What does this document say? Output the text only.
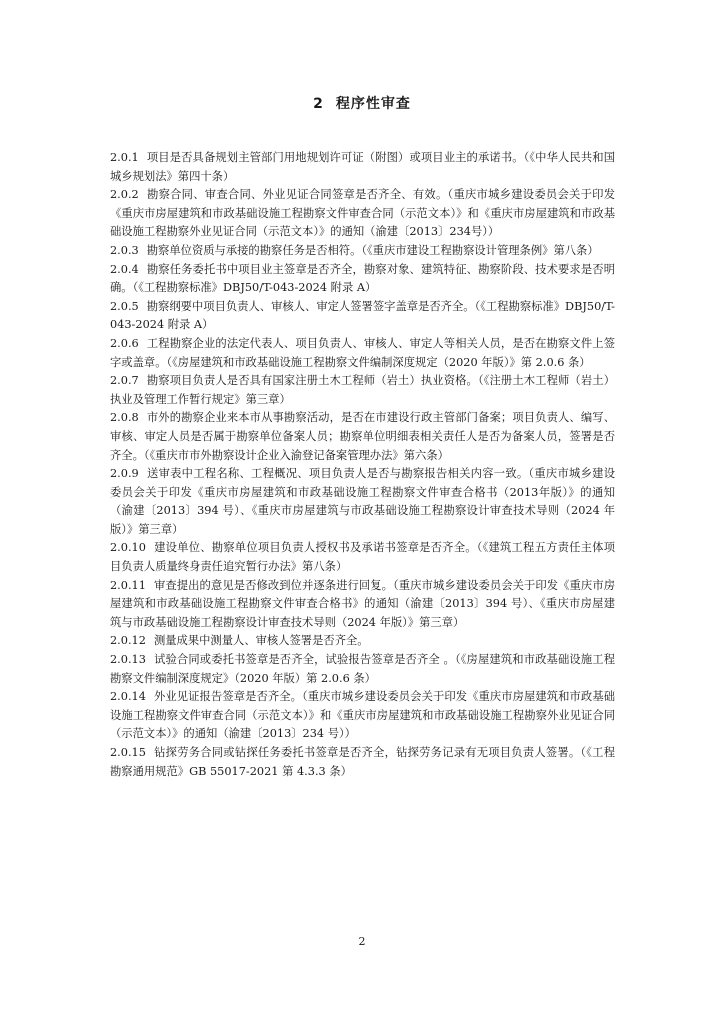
2 程序性审查

2.0.1 项目是否具备规划主管部门用地规划许可证（附图）或项目业主的承诺书。（《中华人民共和国城乡规划法》第四十条）

2.0.2 勘察合同、审查合同、外业见证合同签章是否齐全、有效。（重庆市城乡建设委员会关于印发《重庆市房屋建筑和市政基础设施工程勘察文件审查合同（示范文本）》和《重庆市房屋建筑和市政基础设施工程勘察外业见证合同（示范文本）》的通知（渝建〔2013〕234号））

2.0.3 勘察单位资质与承接的勘察任务是否相符。（《重庆市建设工程勘察设计管理条例》第八条）

2.0.4 勘察任务委托书中项目业主签章是否齐全，勘察对象、建筑特征、勘察阶段、技术要求是否明确。（《工程勘察标准》DBJ50/T-043-2024 附录 A）

2.0.5 勘察纲要中项目负责人、审核人、审定人签署签字盖章是否齐全。（《工程勘察标准》DBJ50/T-043-2024 附录 A）

2.0.6 工程勘察企业的法定代表人、项目负责人、审核人、审定人等相关人员，是否在勘察文件上签字或盖章。（《房屋建筑和市政基础设施工程勘察文件编制深度规定（2020 年版）》第 2.0.6 条）

2.0.7 勘察项目负责人是否具有国家注册土木工程师（岩土）执业资格。（《注册土木工程师（岩土）执业及管理工作暂行规定》第三章）

2.0.8 市外的勘察企业来本市从事勘察活动，是否在市建设行政主管部门备案；项目负责人、编写、审核、审定人员是否属于勘察单位备案人员；勘察单位明细表相关责任人是否为备案人员，签署是否齐全。（《重庆市市外勘察设计企业入渝登记备案管理办法》第六条）

2.0.9 送审表中工程名称、工程概况、项目负责人是否与勘察报告相关内容一致。（重庆市城乡建设委员会关于印发《重庆市房屋建筑和市政基础设施工程勘察文件审查合格书（2013年版）》的通知（渝建〔2013〕394 号）、《重庆市房屋建筑与市政基础设施工程勘察设计审查技术导则（2024 年版）》第三章）

2.0.10 建设单位、勘察单位项目负责人授权书及承诺书签章是否齐全。（《建筑工程五方责任主体项目负责人质量终身责任追究暂行办法》第八条）

2.0.11 审查提出的意见是否修改到位并逐条进行回复。（重庆市城乡建设委员会关于印发《重庆市房屋建筑和市政基础设施工程勘察文件审查合格书》的通知（渝建〔2013〕394 号）、《重庆市房屋建筑与市政基础设施工程勘察设计审查技术导则（2024 年版）》第三章）

2.0.12 测量成果中测量人、审核人签署是否齐全。

2.0.13 试验合同或委托书签章是否齐全，试验报告签章是否齐全 。（《房屋建筑和市政基础设施工程勘察文件编制深度规定》（2020 年版）第 2.0.6 条）

2.0.14 外业见证报告签章是否齐全。（重庆市城乡建设委员会关于印发《重庆市房屋建筑和市政基础设施工程勘察文件审查合同（示范文本）》和《重庆市房屋建筑和市政基础设施工程勘察外业见证合同（示范文本）》的通知（渝建〔2013〕234 号））

2.0.15 钻探劳务合同或钻探任务委托书签章是否齐全，钻探劳务记录有无项目负责人签署。（《工程勘察通用规范》GB 55017-2021 第 4.3.3 条）

2
